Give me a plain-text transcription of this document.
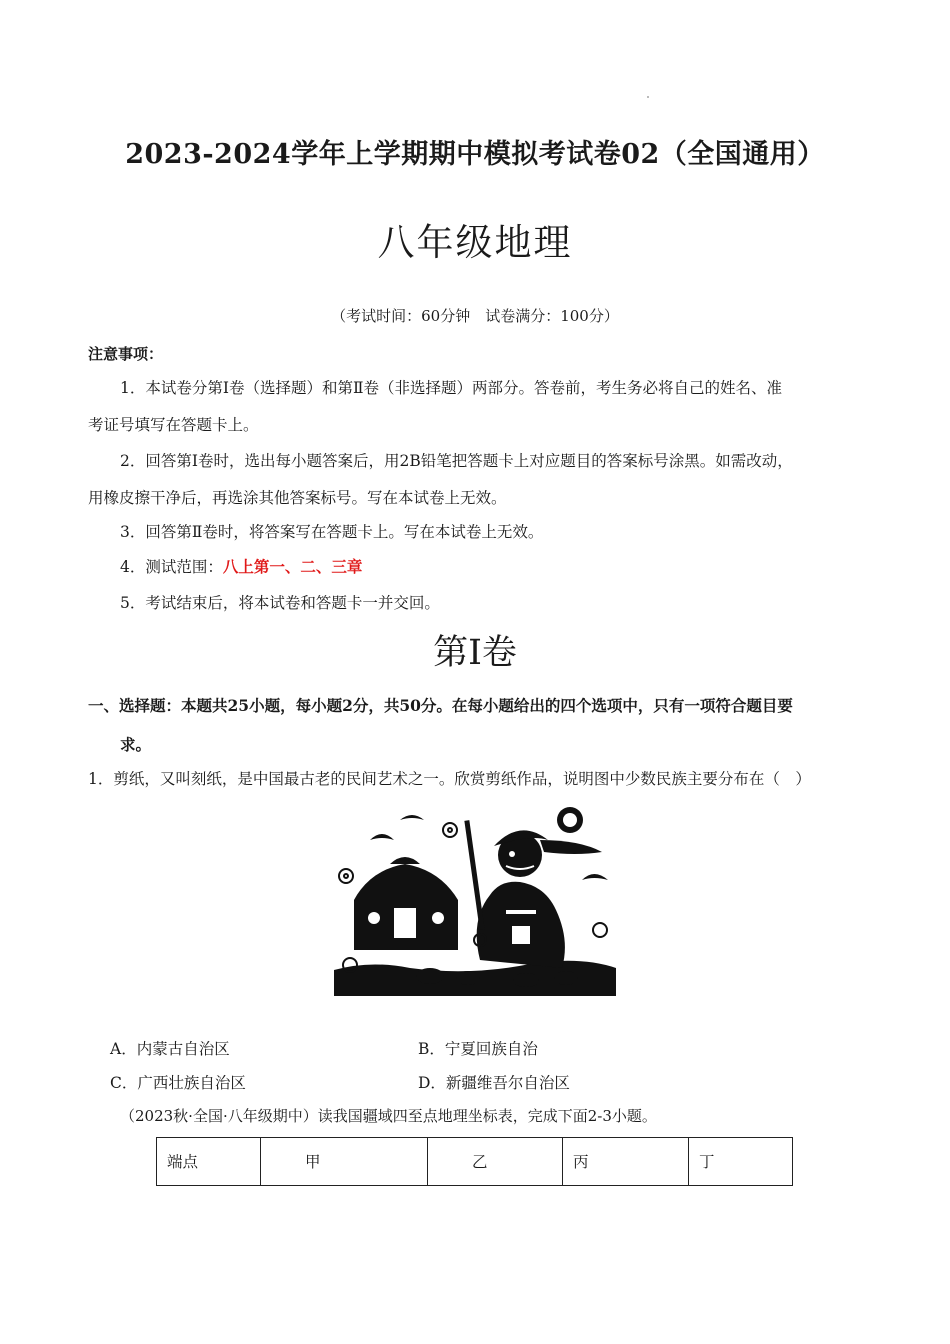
2023-2024学年上学期期中模拟考试卷02（全国通用）
八年级地理
（考试时间：60分钟　试卷满分：100分）
注意事项：
1．本试卷分第Ⅰ卷（选择题）和第Ⅱ卷（非选择题）两部分。答卷前，考生务必将自己的姓名、准
考证号填写在答题卡上。
2．回答第Ⅰ卷时，选出每小题答案后，用2B铅笔把答题卡上对应题目的答案标号涂黑。如需改动，
用橡皮擦干净后，再选涂其他答案标号。写在本试卷上无效。
3．回答第Ⅱ卷时，将答案写在答题卡上。写在本试卷上无效。
4．测试范围：八上第一、二、三章
5．考试结束后，将本试卷和答题卡一并交回。
第Ⅰ卷
一、选择题：本题共25小题，每小题2分，共50分。在每小题给出的四个选项中，只有一项符合题目要
求。
1．剪纸，又叫刻纸，是中国最古老的民间艺术之一。欣赏剪纸作品，说明图中少数民族主要分布在（　）
A．内蒙古自治区	B．宁夏回族自治
C．广西壮族自治区	D．新疆维吾尔自治区
（2023秋·全国·八年级期中）读我国疆域四至点地理坐标表，完成下面2-3小题。
端点	甲	乙	丙	丁
